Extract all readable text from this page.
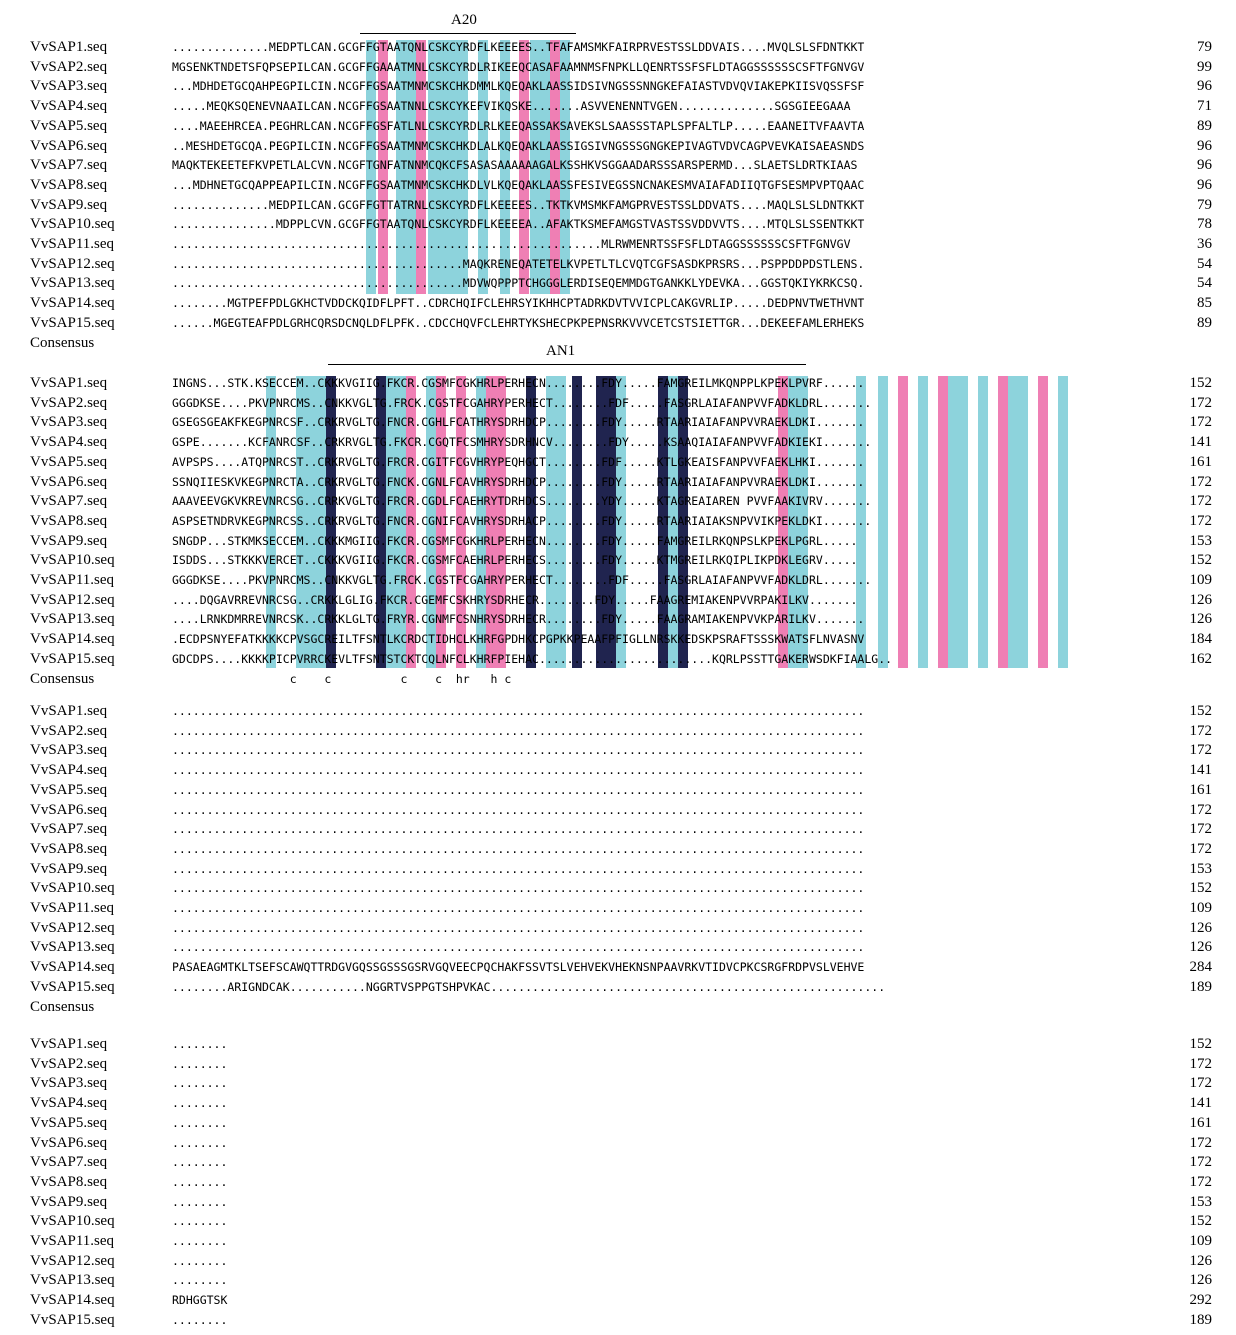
A20
AN1
VvSAP1.seq	..............MEDPTLCAN.GCGFFGTAATQNLCSKCYRDFLKEEEES..TFAFAMSMKFAIRPRVESTSSLDDVAIS....MVQLSLSFDNTKKT	79
VvSAP2.seq	MGSENKTNDETSFQPSEPILCAN.GCGFFGAAATMNLCSKCYRDLRIKEEQCASAFAAMNMSFNPKLLQENRTSSFSFLDTAGGSSSSSSCSFTFGNVGV	99
VvSAP3.seq	...MDHDETGCQAHPEGPILCIN.NCGFFGSAATMNMCSKCHKDMMLKQEQAKLAASSIDSIVNGSSSNNGKEFAIASTVDVQVIAKEPKIISVQSSFSF	96
VvSAP4.seq	.....MEQKSQENEVNAAILCAN.NCGFFGSAATNNLCSKCYKEFVIKQSKE.......ASVVENENNTVGEN..............SGSGIEEGAAA	71
VvSAP5.seq	....MAEEHRCEA.PEGHRLCAN.NCGFFGSFATLNLCSKCYRDLRLKEEQASSAKSAVEKSLSAASSSTAPLSPFALTLP.....EAANEITVFAAVTA	89
VvSAP6.seq	..MESHDETGCQA.PEGPILCIN.NCGFFGSAATMNMCSKCHKDLALKQEQAKLAASSIGSIVNGSSSGNGKEPIVAGTVDVCAGPVEVKAISAEASNDS	96
VvSAP7.seq	MAQKTEKEETEFKVPETLALCVN.NCGFTGNFATNNMCQKCFSASASAAAAAAGALKSSHKVSGGAADARSSSARSPERMD...SLAETSLDRTKIAAS	96
VvSAP8.seq	...MDHNETGCQAPPEAPILCIN.NCGFFGSAATMNMCSKCHKDLVLKQEQAKLAASSFESIVEGSSNCNAKESMVAIAFADIIQTGFSESMPVPTQAAC	96
VvSAP9.seq	..............MEDPILCAN.GCGFFGTTATRNLCSKCYRDFLKEEEES..TKTKVMSMKFAMGPRVESTSSLDDVATS....MAQLSLSLDNTKKT	79
VvSAP10.seq	...............MDPPLCVN.GCGFFGTAATQNLCSKCYRDFLKEEEEA..AFAKTKSMEFAMGSTVASTSSVDDVVTS....MTQLSLSSENTKKT	78
VvSAP11.seq	..............................................................MLRWMENRTSSFSFLDTAGGSSSSSSCSFTFGNVGV	36
VvSAP12.seq	..........................................MAQKRENEQATETELKVPETLTLCVQTCGFSASDKPRSRS...PSPPDDPDSTLENS.	54
VvSAP13.seq	..........................................MDVWQPPPTCHGGGLERDISEQEMMDGTGANKKLYDEVKA...GGSTQKIYKRKCSQ.	54
VvSAP14.seq	........MGTPEFPDLGKHCTVDDCKQIDFLPFT..CDRCHQIFCLEHRSYIKHHCPTADRKDVTVVICPLCAKGVRLIP.....DEDPNVTWETHVNT	85
VvSAP15.seq	......MGEGTEAFPDLGRHCQRSDCNQLDFLPFK..CDCCHQVFCLEHRTYKSHECPKPEPNSRKVVVCETCSTSIETTGR...DEKEEFAMLERHEKS	89
Consensus
VvSAP1.seq	INGNS...STK.KSECCEM..CKKKVGIIG.FKCR.CGSMFCGKHRLPERHECN........FDY.....FAMGREILMKQNPPLKPEKLPVRF......	152
VvSAP2.seq	GGGDKSE....PKVPNRCMS..CNKKVGLTG.FRCK.CGSTFCGAHRYPERHECT........FDF.....FASGRLAIAFANPVVFADKLDRL.......	172
VvSAP3.seq	GSEGSGEAKFKEGPNRCSF..CRKRVGLTG.FNCR.CGHLFCATHRYSDRHDCP........FDY.....RTAARIAIAFANPVVRAEKLDKI.......	172
VvSAP4.seq	GSPE.......KCFANRCSF..CRKRVGLTG.FKCR.CGQTFCSMHRYSDRHNCV........FDY.....KSAAQIAIAFANPVVFADKIEKI.......	141
VvSAP5.seq	AVPSPS....ATQPNRCST..CRKRVGLTG.FRCR.CGITFCGVHRYPEQHGCT........FDF.....KTLGKEAISFANPVVFAEKLHKI.......	161
VvSAP6.seq	SSNQIIESKVKEGPNRCTA..CRKRVGLTG.FNCK.CGNLFCAVHRYSDRHDCP........FDY.....RTAARIAIAFANPVVRAEKLDKI.......	172
VvSAP7.seq	AAAVEEVGKVKREVNRCSG..CRRKVGLTG.FRCR.CGDLFCAEHRYTDRHDCS........YDY.....KTAGREAIAREN PVVFAAKIVRV.......	172
VvSAP8.seq	ASPSETNDRVKEGPNRCSS..CRKRVGLTG.FNCR.CGNIFCAVHRYSDRHACP........FDY.....RTAARIAIAKSNPVVIKPEKLDKI.......	172
VvSAP9.seq	SNGDP...STKMKSECCEM..CKKKMGIIG.FKCR.CGSMFCGKHRLPERHECN........FDY.....FAMGREILRKQNPSLKPEKLPGRL.....	153
VvSAP10.seq	ISDDS...STKKKVERCET..CKKKVGIIG.FKCR.CGSMFCAEHRLPERHECS........FDY.....KTMGREILRKQIPLIKPDKLEGRV.....	152
VvSAP11.seq	GGGDKSE....PKVPNRCMS..CNKKVGLTG.FRCK.CGSTFCGAHRYPERHECT........FDF.....FASGRLAIAFANPVVFADKLDRL.......	109
VvSAP12.seq	....DQGAVRREVNRCSG..CRKKLGLIG.FKCR.CGEMFCSKHRYSDRHECR........FDY.....FAAGREMIAKENPVVRPAKILKV.......	126
VvSAP13.seq	....LRNKDMRREVNRCSK..CRKKLGLTG.FRYR.CGNMFCSNHRYSDRHECR........FDY.....FAAGRAMIAKENPVVKPARILKV.......	126
VvSAP14.seq	.ECDPSNYEFATKKKKCPVSGCREILTFSNTLKCRDCTIDHCLKHRFGPDHKCPGPKKPEAAFPFIGLLNRSKKEDSKPSRAFTSSSKWATSFLNVASNV	184
VvSAP15.seq	GDCDPS....KKKKPICPVRRCKEVLTFSNTSTCKTCQLNFCLKHRFPIEHAC.........................KQRLPSSTTGAKERWSDKFIAALG..	162
Consensus	c    c          c    c  hr   h c
VvSAP1.seq	....................................................................................................	152
VvSAP2.seq	....................................................................................................	172
VvSAP3.seq	....................................................................................................	172
VvSAP4.seq	....................................................................................................	141
VvSAP5.seq	....................................................................................................	161
VvSAP6.seq	....................................................................................................	172
VvSAP7.seq	....................................................................................................	172
VvSAP8.seq	....................................................................................................	172
VvSAP9.seq	....................................................................................................	153
VvSAP10.seq	....................................................................................................	152
VvSAP11.seq	....................................................................................................	109
VvSAP12.seq	....................................................................................................	126
VvSAP13.seq	....................................................................................................	126
VvSAP14.seq	PASAEAGMTKLTSEFSCAWQTTRDGVGQSSGSSSGSRVGQVEECPQCHAKFSSVTSLVEHVEKVHEKNSNPAAVRKVTIDVCPKCSRGFRDPVSLVEHVE	284
VvSAP15.seq	........ARIGNDCAK...........NGGRTVSPPGTSHPVKAC.........................................................	189
Consensus
VvSAP1.seq	........	152
VvSAP2.seq	........	172
VvSAP3.seq	........	172
VvSAP4.seq	........	141
VvSAP5.seq	........	161
VvSAP6.seq	........	172
VvSAP7.seq	........	172
VvSAP8.seq	........	172
VvSAP9.seq	........	153
VvSAP10.seq	........	152
VvSAP11.seq	........	109
VvSAP12.seq	........	126
VvSAP13.seq	........	126
VvSAP14.seq	RDHGGTSK	292
VvSAP15.seq	........	189
